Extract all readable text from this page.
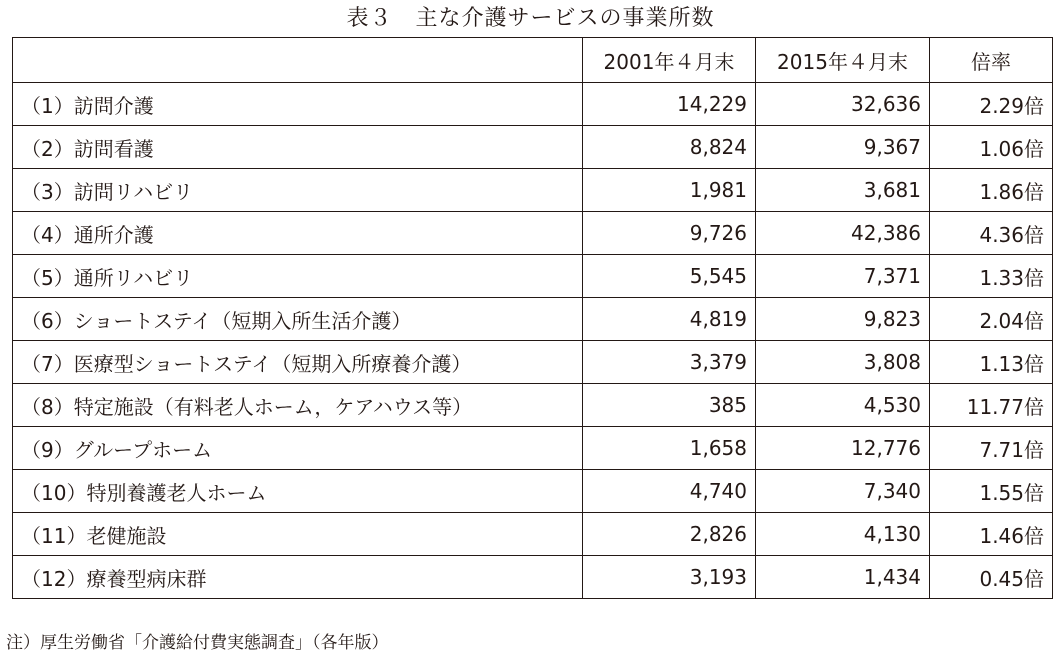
表３　主な介護サービスの事業所数
	2001年４月末	2015年４月末	倍率
（1）訪問介護	14,229	32,636	2.29倍
（2）訪問看護	8,824	9,367	1.06倍
（3）訪問リハビリ	1,981	3,681	1.86倍
（4）通所介護	9,726	42,386	4.36倍
（5）通所リハビリ	5,545	7,371	1.33倍
（6）ショートステイ（短期入所生活介護）	4,819	9,823	2.04倍
（7）医療型ショートステイ（短期入所療養介護）	3,379	3,808	1.13倍
（8）特定施設（有料老人ホーム，ケアハウス等）	385	4,530	11.77倍
（9）グループホーム	1,658	12,776	7.71倍
（10）特別養護老人ホーム	4,740	7,340	1.55倍
（11）老健施設	2,826	4,130	1.46倍
（12）療養型病床群	3,193	1,434	0.45倍
注）厚生労働省「介護給付費実態調査」（各年版）
